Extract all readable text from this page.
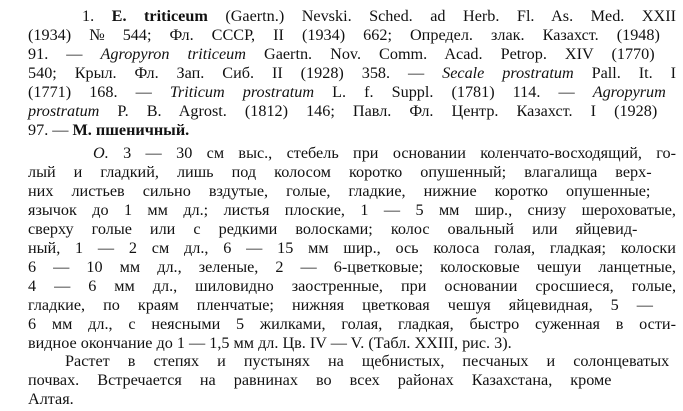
1. E. triticeum (Gaertn.) Nevski. Sched. ad Herb. Fl. As. Med. XXII
(1934) № 544; Фл. СССР, II (1934) 662; Определ. злак. Казахст. (1948)
91. — Agropyron triticeum Gaertn. Nov. Comm. Acad. Petrop. XIV (1770)
540; Крыл. Фл. Зап. Сиб. II (1928) 358. — Secale prostratum Pall. It. I
(1771) 168. — Triticum prostratum L. f. Suppl. (1781) 114. — Agropyrum
prostratum P. B. Agrost. (1812) 146; Павл. Фл. Центр. Казахст. I (1928)
97. — М. пшеничный.
О. 3 — 30 см выс., стебель при основании коленчато-восходящий, го-
лый и гладкий, лишь под колосом коротко опушенный; влагалища верх-
них листьев сильно вздутые, голые, гладкие, нижние коротко опушенные;
язычок до 1 мм дл.; листья плоские, 1 — 5 мм шир., снизу шероховатые,
сверху голые или с редкими волосками; колос овальный или яйцевид-
ный, 1 — 2 см дл., 6 — 15 мм шир., ось колоса голая, гладкая; колоски
6 — 10 мм дл., зеленые, 2 — 6-цветковые; колосковые чешуи ланцетные,
4 — 6 мм дл., шиловидно заостренные, при основании сросшиеся, голые,
гладкие, по краям пленчатые; нижняя цветковая чешуя яйцевидная, 5 —
6 мм дл., с неясными 5 жилками, голая, гладкая, быстро суженная в ости-
видное окончание до 1 — 1,5 мм дл. Цв. IV — V. (Табл. XXIII, рис. 3).
Растет в степях и пустынях на щебнистых, песчаных и солонцеватых
почвах. Встречается на равнинах во всех районах Казахстана, кроме
Алтая.
